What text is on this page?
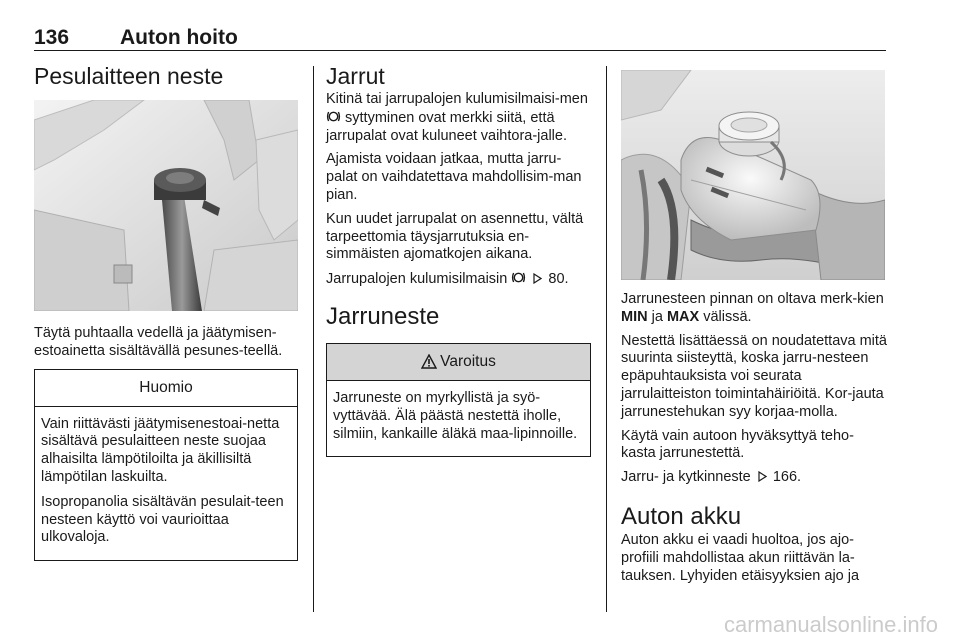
136 Auton hoito
Pesulaitteen neste

Täytä puhtaalla vedellä ja jäätymisen-estoainetta sisältävällä pesunes-teellä.

Huomio

Vain riittävästi jäätymisenestoai-netta sisältävä pesulaitteen neste suojaa alhaisilta lämpötiloilta ja äkillisiltä lämpötilan laskuilta.

Isopropanolia sisältävän pesulait-teen nesteen käyttö voi vaurioittaa ulkovaloja.

Jarrut

Kitinä tai jarrupalojen kulumisilmaisi-men  syttyminen ovat merkki siitä, että jarrupalat ovat kuluneet vaihtora-jalle.

Ajamista voidaan jatkaa, mutta jarru-palat on vaihdatettava mahdollisim-man pian.

Kun uudet jarrupalat on asennettu, vältä tarpeettomia täysjarrutuksia en-simmäisten ajomatkojen aikana.

Jarrupalojen kulumisilmaisin	80.

Jarruneste
Varoitus

Jarruneste on myrkyllistä ja syö-vyttävää. Älä päästä nestettä iholle, silmiin, kankaille äläkä maa-lipinnoille.

Jarrunesteen pinnan on oltava merk-kien MIN ja MAX välissä.

Nestettä lisättäessä on noudatettava mitä suurinta siisteyttä, koska jarru-nesteen epäpuhtauksista voi seurata jarrulaitteiston toimintahäiriöitä. Kor-jauta jarrunestehukan syy korjaa-molla.

Käytä vain autoon hyväksyttyä teho-kasta jarrunestettä.

Jarru- ja kytkinneste 166.

Auton akku

Auton akku ei vaadi huoltoa, jos ajo-profiili mahdollistaa akun riittävän la-tauksen. Lyhyiden etäisyyksien ajo ja

carmanualsonline.info
